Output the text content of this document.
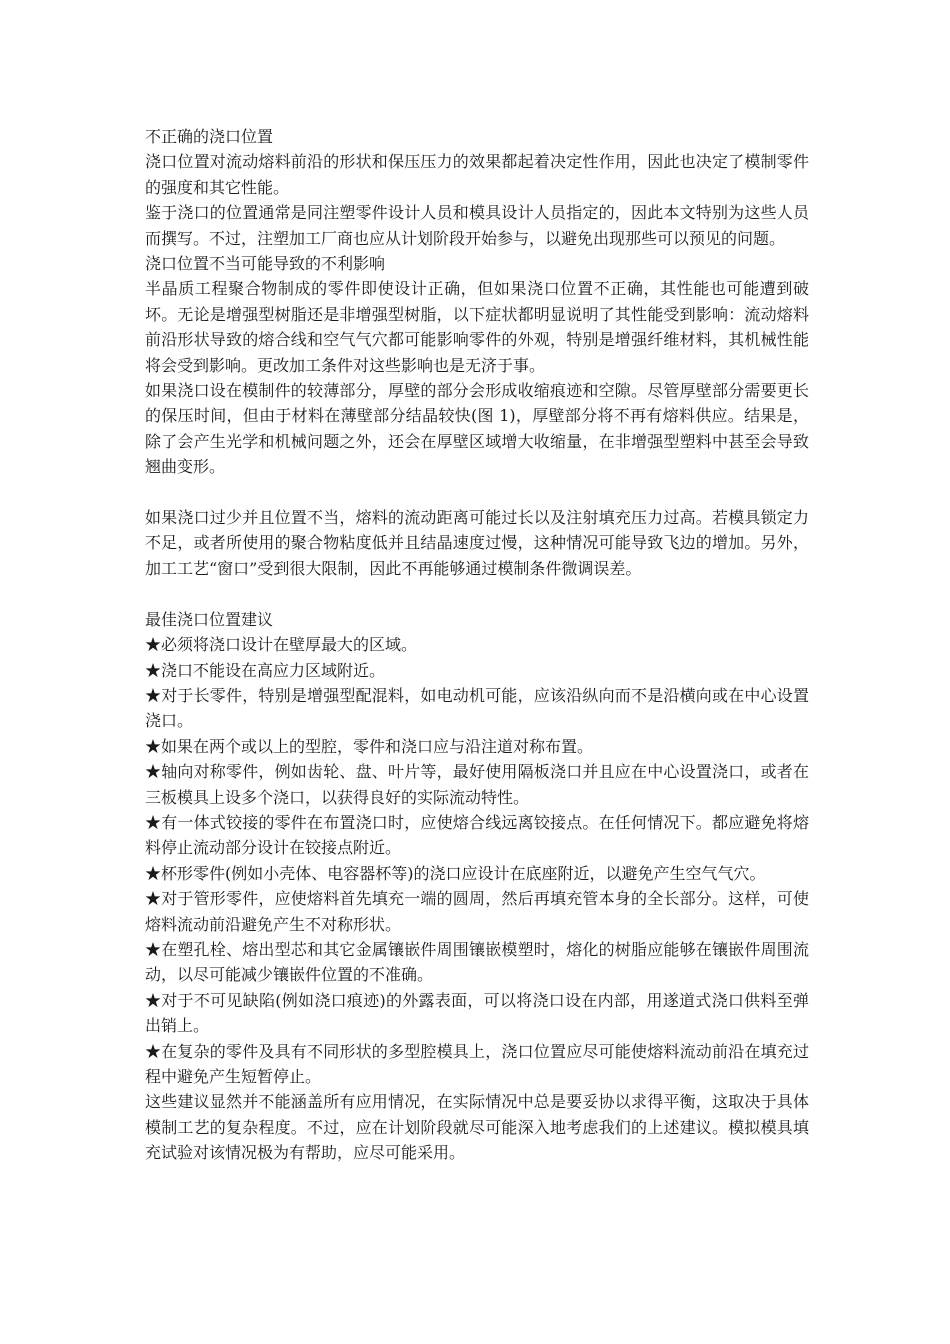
不正确的浇口位置

浇口位置对流动熔料前沿的形状和保压压力的效果都起着决定性作用，因此也决定了模制零件的强度和其它性能。

鉴于浇口的位置通常是同注塑零件设计人员和模具设计人员指定的，因此本文特别为这些人员而撰写。不过，注塑加工厂商也应从计划阶段开始参与，以避免出现那些可以预见的问题。

浇口位置不当可能导致的不利影响

半晶质工程聚合物制成的零件即使设计正确，但如果浇口位置不正确，其性能也可能遭到破坏。无论是增强型树脂还是非增强型树脂，以下症状都明显说明了其性能受到影响：流动熔料前沿形状导致的熔合线和空气气穴都可能影响零件的外观，特别是增强纤维材料，其机械性能将会受到影响。更改加工条件对这些影响也是无济于事。

如果浇口设在模制件的较薄部分，厚壁的部分会形成收缩痕迹和空隙。尽管厚壁部分需要更长的保压时间，但由于材料在薄壁部分结晶较快(图 1)，厚壁部分将不再有熔料供应。结果是，除了会产生光学和机械问题之外，还会在厚壁区域增大收缩量，在非增强型塑料中甚至会导致翘曲变形。

如果浇口过少并且位置不当，熔料的流动距离可能过长以及注射填充压力过高。若模具锁定力不足，或者所使用的聚合物粘度低并且结晶速度过慢，这种情况可能导致飞边的增加。另外，加工工艺“窗口”受到很大限制，因此不再能够通过模制条件微调误差。

最佳浇口位置建议

★必须将浇口设计在壁厚最大的区域。

★浇口不能设在高应力区域附近。

★对于长零件，特别是增强型配混料，如电动机可能，应该沿纵向而不是沿横向或在中心设置浇口。

★如果在两个或以上的型腔，零件和浇口应与沿注道对称布置。

★轴向对称零件，例如齿轮、盘、叶片等，最好使用隔板浇口并且应在中心设置浇口，或者在三板模具上设多个浇口，以获得良好的实际流动特性。

★有一体式铰接的零件在布置浇口时，应使熔合线远离铰接点。在任何情况下。都应避免将熔料停止流动部分设计在铰接点附近。

★杯形零件(例如小壳体、电容器杯等)的浇口应设计在底座附近，以避免产生空气气穴。

★对于管形零件，应使熔料首先填充一端的圆周，然后再填充管本身的全长部分。这样，可使熔料流动前沿避免产生不对称形状。

★在塑孔栓、熔出型芯和其它金属镶嵌件周围镶嵌模塑时，熔化的树脂应能够在镶嵌件周围流动，以尽可能减少镶嵌件位置的不准确。

★对于不可见缺陷(例如浇口痕迹)的外露表面，可以将浇口设在内部，用遂道式浇口供料至弹出销上。

★在复杂的零件及具有不同形状的多型腔模具上，浇口位置应尽可能使熔料流动前沿在填充过程中避免产生短暂停止。

这些建议显然并不能涵盖所有应用情况，在实际情况中总是要妥协以求得平衡，这取决于具体模制工艺的复杂程度。不过，应在计划阶段就尽可能深入地考虑我们的上述建议。模拟模具填充试验对该情况极为有帮助，应尽可能采用。
